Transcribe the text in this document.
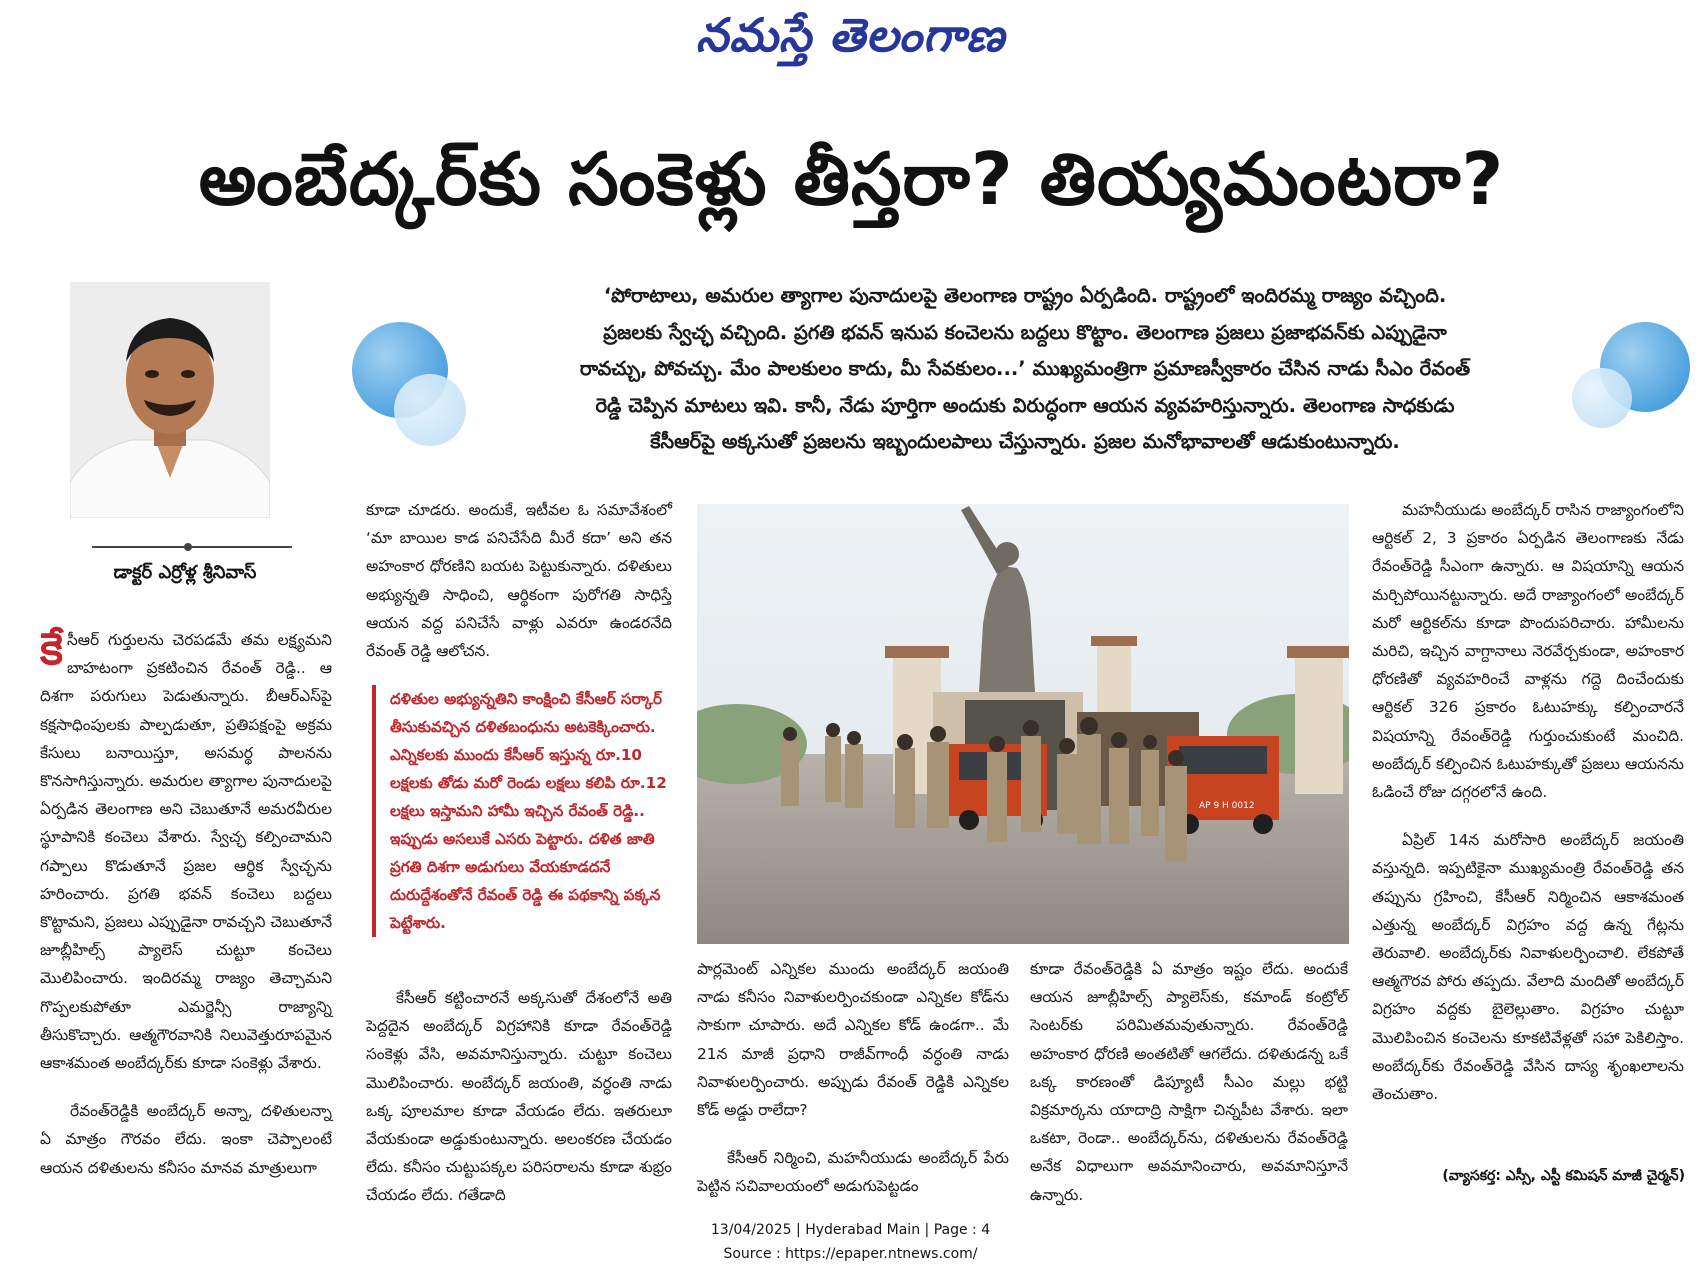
నమస్తే తెలంగాణ
అంబేద్కర్‌కు సంకెళ్లు తీస్తరా? తియ్యమంటరా?
డాక్టర్ ఎర్రోళ్ల శ్రీనివాస్
‘పోరాటాలు, అమరుల త్యాగాల పునాదులపై తెలంగాణ రాష్ట్రం ఏర్పడింది. రాష్ట్రంలో ఇందిరమ్మ రాజ్యం వచ్చింది.
ప్రజలకు స్వేచ్ఛ వచ్చింది. ప్రగతి భవన్ ఇనుప కంచెలను బద్దలు కొట్టాం. తెలంగాణ ప్రజలు ప్రజాభవన్‌కు ఎప్పుడైనా
రావచ్చు, పోవచ్చు. మేం పాలకులం కాదు, మీ సేవకులం...’ ముఖ్యమంత్రిగా ప్రమాణస్వీకారం చేసిన నాడు సీఎం రేవంత్
రెడ్డి చెప్పిన మాటలు ఇవి. కానీ, నేడు పూర్తిగా అందుకు విరుద్ధంగా ఆయన వ్యవహరిస్తున్నారు. తెలంగాణ సాధకుడు
కేసీఆర్‌పై అక్కసుతో ప్రజలను ఇబ్బందులపాలు చేస్తున్నారు. ప్రజల మనోభావాలతో ఆడుకుంటున్నారు.

కేసీఆర్ గుర్తులను చెరపడమే తమ లక్ష్యమని బాహటంగా ప్రకటించిన రేవంత్ రెడ్డి.. ఆ దిశగా పరుగులు పెడుతున్నారు. బీఆర్ఎస్‌పై కక్షసాధింపులకు పాల్పడుతూ, ప్రతిపక్షంపై అక్రమ కేసులు బనాయిస్తూ, అసమర్థ పాలనను కొనసాగిస్తున్నారు. అమరుల త్యాగాల పునాదులపై ఏర్పడిన తెలంగాణ అని చెబుతూనే అమరవీరుల స్థూపానికి కంచెలు వేశారు. స్వేచ్ఛ కల్పించామని గప్పాలు కొడుతూనే ప్రజల ఆర్థిక స్వేచ్ఛను హరించారు. ప్రగతి భవన్ కంచెలు బద్దలు కొట్టామని, ప్రజలు ఎప్పుడైనా రావచ్చని చెబుతూనే జూబ్లీహిల్స్ ప్యాలెస్ చుట్టూ కంచెలు మొలిపించారు. ఇందిరమ్మ రాజ్యం తెచ్చామని గొప్పలకుపోతూ ఎమర్జెన్సీ రాజ్యాన్ని తీసుకొచ్చారు. ఆత్మగౌరవానికి నిలువెత్తురూపమైన ఆకాశమంత అంబేద్కర్‌కు కూడా సంకెళ్లు వేశారు.

రేవంత్‌రెడ్డికి అంబేద్కర్ అన్నా, దళితులన్నా ఏ మాత్రం గౌరవం లేదు. ఇంకా చెప్పాలంటే ఆయన దళితులను కనీసం మానవ మాత్రులుగా

కూడా చూడరు. అందుకే, ఇటీవల ఓ సమావేశంలో ‘మా బాయిల కాడ పనిచేసేది మీరే కదా’ అని తన అహంకార ధోరణిని బయట పెట్టుకున్నారు. దళితులు అభ్యున్నతి సాధించి, ఆర్థికంగా పురోగతి సాధిస్తే ఆయన వద్ద పనిచేసే వాళ్లు ఎవరూ ఉండరనేది రేవంత్ రెడ్డి ఆలోచన.

దళితుల అభ్యున్నతిని కాంక్షించి కేసీఆర్ సర్కార్ తీసుకువచ్చిన దళితబంధును అటకెక్కించారు. ఎన్నికలకు ముందు కేసీఆర్ ఇస్తున్న రూ.10 లక్షలకు తోడు మరో రెండు లక్షలు కలిపి రూ.12 లక్షలు ఇస్తామని హామీ ఇచ్చిన రేవంత్ రెడ్డి.. ఇప్పుడు అసలుకే ఎసరు పెట్టారు. దళిత జాతి ప్రగతి దిశగా అడుగులు వేయకూడదనే దురుద్దేశంతోనే రేవంత్ రెడ్డి ఈ పథకాన్ని పక్కన పెట్టేశారు.

కేసీఆర్ కట్టించారనే అక్కసుతో దేశంలోనే అతి పెద్దదైన అంబేద్కర్ విగ్రహానికి కూడా రేవంత్‌రెడ్డి సంకెళ్లు వేసి, అవమానిస్తున్నారు. చుట్టూ కంచెలు మొలిపించారు. అంబేద్కర్ జయంతి, వర్ధంతి నాడు ఒక్క పూలమాల కూడా వేయడం లేదు. ఇతరులూ వేయకుండా అడ్డుకుంటున్నారు. అలంకరణ చేయడం లేదు. కనీసం చుట్టుపక్కల పరిసరాలను కూడా శుభ్రం చేయడం లేదు. గతేడాది

AP 9 H 0012

పార్లమెంట్ ఎన్నికల ముందు అంబేద్కర్ జయంతి నాడు కనీసం నివాళులర్పించకుండా ఎన్నికల కోడ్‌ను సాకుగా చూపారు. అదే ఎన్నికల కోడ్ ఉండగా.. మే 21న మాజీ ప్రధాని రాజీవ్‌గాంధీ వర్ధంతి నాడు నివాళులర్పించారు. అప్పుడు రేవంత్ రెడ్డికి ఎన్నికల కోడ్ అడ్డు రాలేదా?

కేసీఆర్ నిర్మించి, మహనీయుడు అంబేద్కర్ పేరు పెట్టిన సచివాలయంలో అడుగుపెట్టడం

కూడా రేవంత్‌రెడ్డికి ఏ మాత్రం ఇష్టం లేదు. అందుకే ఆయన జూబ్లీహిల్స్ ప్యాలెస్‌కు, కమాండ్ కంట్రోల్ సెంటర్‌కు పరిమితమవుతున్నారు. రేవంత్‌రెడ్డి అహంకార ధోరణి అంతటితో ఆగలేదు. దళితుడన్న ఒకే ఒక్క కారణంతో డిప్యూటీ సీఎం మల్లు భట్టి విక్రమార్కను యాదాద్రి సాక్షిగా చిన్నపీట వేశారు. ఇలా ఒకటా, రెండా.. అంబేద్కర్‌ను, దళితులను రేవంత్‌రెడ్డి అనేక విధాలుగా అవమానించారు, అవమానిస్తూనే ఉన్నారు.

మహనీయుడు అంబేద్కర్ రాసిన రాజ్యాంగంలోని ఆర్టికల్ 2, 3 ప్రకారం ఏర్పడిన తెలంగాణకు నేడు రేవంత్‌రెడ్డి సీఎంగా ఉన్నారు. ఆ విషయాన్ని ఆయన మర్చిపోయినట్టున్నారు. అదే రాజ్యాంగంలో అంబేద్కర్ మరో ఆర్టికల్‌ను కూడా పొందుపరిచారు. హామీలను మరిచి, ఇచ్చిన వాగ్దానాలు నెరవేర్చకుండా, అహంకార ధోరణితో వ్యవహరించే వాళ్లను గద్దె దించేందుకు ఆర్టికల్ 326 ప్రకారం ఓటుహక్కు కల్పించారనే విషయాన్ని రేవంత్‌రెడ్డి గుర్తుంచుకుంటే మంచిది. అంబేద్కర్ కల్పించిన ఓటుహక్కుతో ప్రజలు ఆయనను ఓడించే రోజు దగ్గరలోనే ఉంది.

ఏప్రిల్ 14న మరోసారి అంబేద్కర్ జయంతి వస్తున్నది. ఇప్పటికైనా ముఖ్యమంత్రి రేవంత్‌రెడ్డి తన తప్పును గ్రహించి, కేసీఆర్ నిర్మించిన ఆకాశమంత ఎత్తున్న అంబేద్కర్ విగ్రహం వద్ద ఉన్న గేట్లను తెరువాలి. అంబేద్కర్‌కు నివాళులర్పించాలి. లేకపోతే ఆత్మగౌరవ పోరు తప్పదు. వేలాది మందితో అంబేద్కర్ విగ్రహం వద్దకు బైలెల్లుతాం. విగ్రహం చుట్టూ మొలిపించిన కంచెలను కూకటివేళ్లతో సహా పెకిలిస్తాం. అంబేద్కర్‌కు రేవంత్‌రెడ్డి వేసిన దాస్య శృంఖలాలను తెంచుతాం.

(వ్యాసకర్త: ఎస్సీ, ఎస్టీ కమిషన్ మాజీ చైర్మన్)
13/04/2025 | Hyderabad Main | Page : 4
Source : https://epaper.ntnews.com/
